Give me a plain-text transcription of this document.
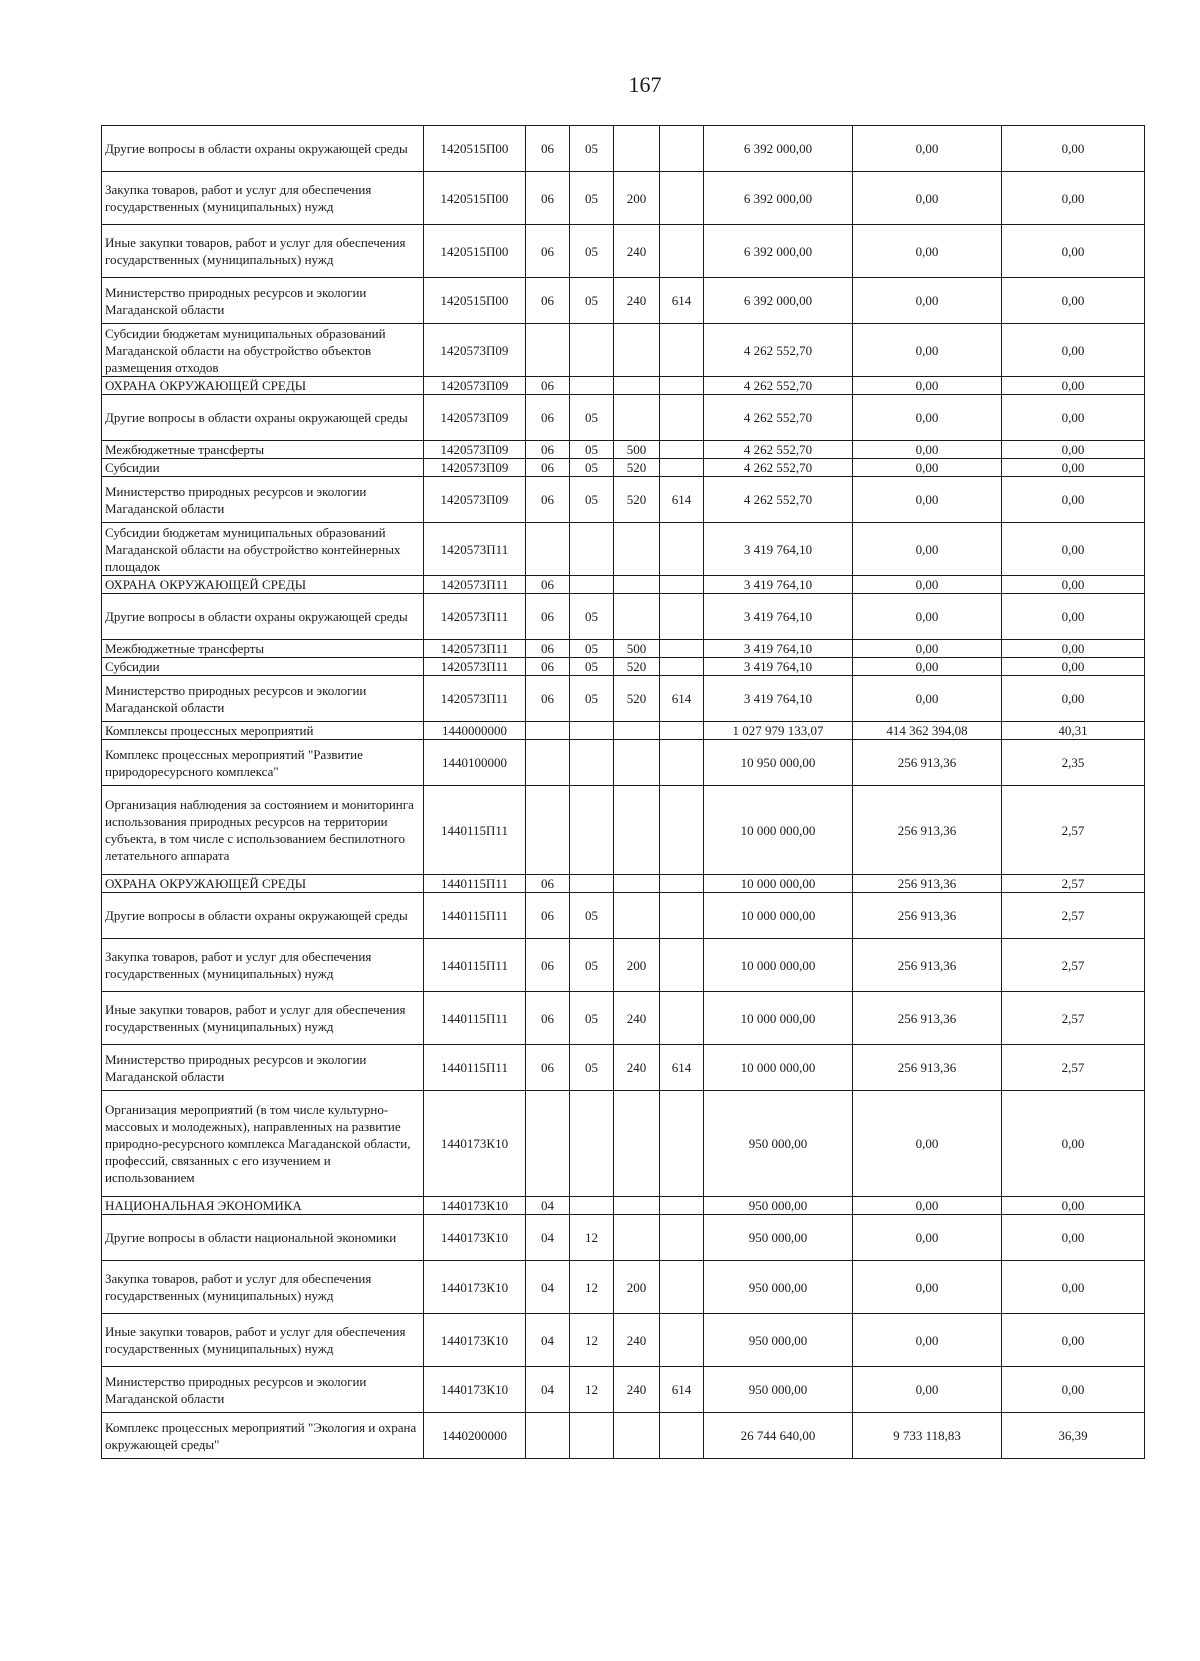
167
Другие вопросы в области охраны окружающей среды	1420515П00	06	05			6 392 000,00	0,00	0,00
Закупка товаров, работ и услуг для обеспечения государственных (муниципальных) нужд	1420515П00	06	05	200		6 392 000,00	0,00	0,00
Иные закупки товаров, работ и услуг для обеспечения государственных (муниципальных) нужд	1420515П00	06	05	240		6 392 000,00	0,00	0,00
Министерство природных ресурсов и экологии Магаданской области	1420515П00	06	05	240	614	6 392 000,00	0,00	0,00
Субсидии бюджетам муниципальных образований Магаданской области на обустройство объектов размещения отходов	1420573П09					4 262 552,70	0,00	0,00
ОХРАНА ОКРУЖАЮЩЕЙ СРЕДЫ	1420573П09	06				4 262 552,70	0,00	0,00
Другие вопросы в области охраны окружающей среды	1420573П09	06	05			4 262 552,70	0,00	0,00
Межбюджетные трансферты	1420573П09	06	05	500		4 262 552,70	0,00	0,00
Субсидии	1420573П09	06	05	520		4 262 552,70	0,00	0,00
Министерство природных ресурсов и экологии Магаданской области	1420573П09	06	05	520	614	4 262 552,70	0,00	0,00
Субсидии бюджетам муниципальных образований Магаданской области на обустройство контейнерных площадок	1420573П11					3 419 764,10	0,00	0,00
ОХРАНА ОКРУЖАЮЩЕЙ СРЕДЫ	1420573П11	06				3 419 764,10	0,00	0,00
Другие вопросы в области охраны окружающей среды	1420573П11	06	05			3 419 764,10	0,00	0,00
Межбюджетные трансферты	1420573П11	06	05	500		3 419 764,10	0,00	0,00
Субсидии	1420573П11	06	05	520		3 419 764,10	0,00	0,00
Министерство природных ресурсов и экологии Магаданской области	1420573П11	06	05	520	614	3 419 764,10	0,00	0,00
Комплексы процессных мероприятий	1440000000					1 027 979 133,07	414 362 394,08	40,31
Комплекс процессных мероприятий "Развитие природоресурсного комплекса"	1440100000					10 950 000,00	256 913,36	2,35
Организация наблюдения за состоянием и мониторинга использования природных ресурсов на территории субъекта, в том числе с использованием беспилотного летательного аппарата	1440115П11					10 000 000,00	256 913,36	2,57
ОХРАНА ОКРУЖАЮЩЕЙ СРЕДЫ	1440115П11	06				10 000 000,00	256 913,36	2,57
Другие вопросы в области охраны окружающей среды	1440115П11	06	05			10 000 000,00	256 913,36	2,57
Закупка товаров, работ и услуг для обеспечения государственных (муниципальных) нужд	1440115П11	06	05	200		10 000 000,00	256 913,36	2,57
Иные закупки товаров, работ и услуг для обеспечения государственных (муниципальных) нужд	1440115П11	06	05	240		10 000 000,00	256 913,36	2,57
Министерство природных ресурсов и экологии Магаданской области	1440115П11	06	05	240	614	10 000 000,00	256 913,36	2,57
Организация мероприятий (в том числе культурно-массовых и молодежных), направленных на развитие природно-ресурсного комплекса Магаданской области, профессий, связанных с его изучением и использованием	1440173К10					950 000,00	0,00	0,00
НАЦИОНАЛЬНАЯ ЭКОНОМИКА	1440173К10	04				950 000,00	0,00	0,00
Другие вопросы в области национальной экономики	1440173К10	04	12			950 000,00	0,00	0,00
Закупка товаров, работ и услуг для обеспечения государственных (муниципальных) нужд	1440173К10	04	12	200		950 000,00	0,00	0,00
Иные закупки товаров, работ и услуг для обеспечения государственных (муниципальных) нужд	1440173К10	04	12	240		950 000,00	0,00	0,00
Министерство природных ресурсов и экологии Магаданской области	1440173К10	04	12	240	614	950 000,00	0,00	0,00
Комплекс процессных мероприятий "Экология и охрана окружающей среды"	1440200000					26 744 640,00	9 733 118,83	36,39
